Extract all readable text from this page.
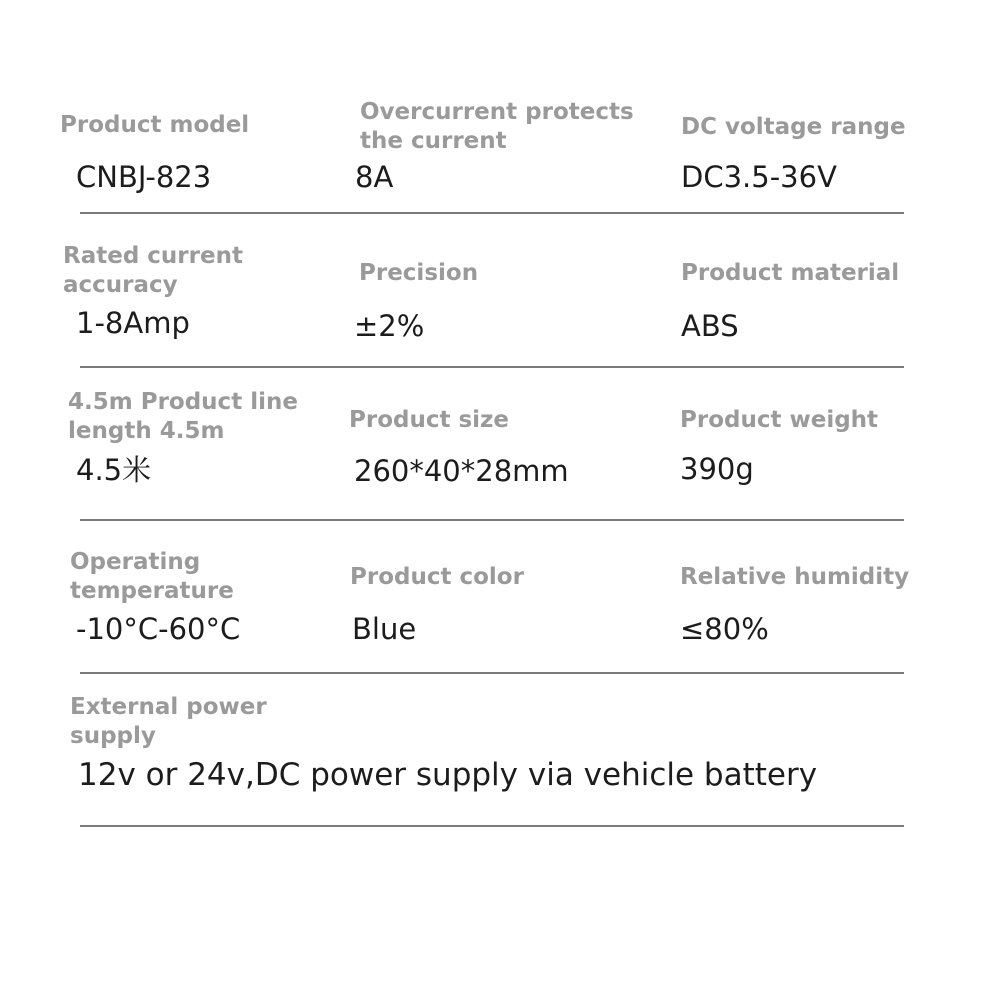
Product model
CNBJ-823
Overcurrent protects
the current
8A
DC voltage range
DC3.5-36V
Rated current
accuracy
1-8Amp
Precision
±2%
Product material
ABS
4.5m Product line
length 4.5m
4.5米
Product size
260*40*28mm
Product weight
390g
Operating
temperature
-10°C-60°C
Product color
Blue
Relative humidity
≤80%
External power
supply
12v or 24v,DC power supply via vehicle battery
